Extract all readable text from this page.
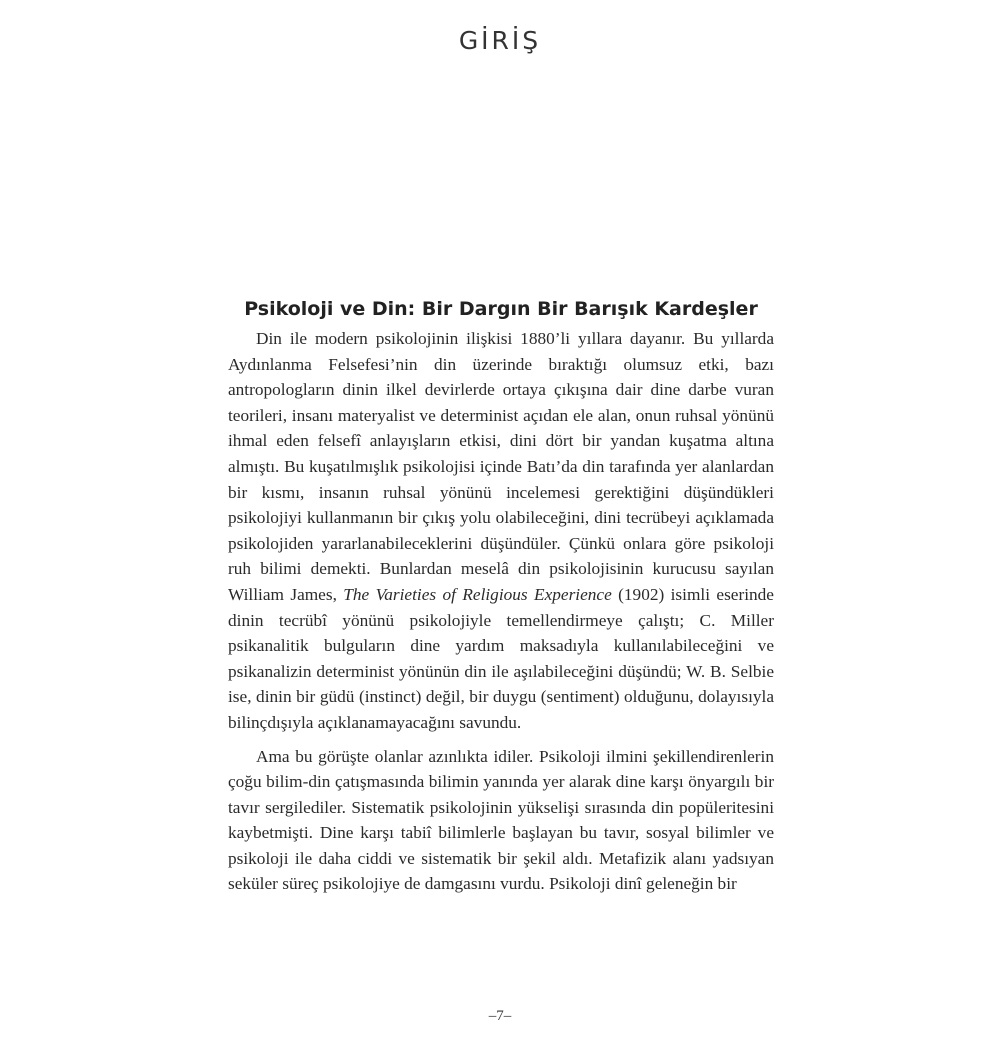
GİRİŞ
Psikoloji ve Din: Bir Dargın Bir Barışık Kardeşler

Din ile modern psikolojinin ilişkisi 1880’li yıllara dayanır. Bu yıllarda Aydınlanma Felsefesi’nin din üzerinde bıraktığı olumsuz etki, bazı antropologların dinin ilkel devirlerde ortaya çıkışına dair dine darbe vuran teorileri, insanı materyalist ve determinist açıdan ele alan, onun ruhsal yönünü ihmal eden felsefî anlayışların etkisi, dini dört bir yandan kuşatma altına almıştı. Bu kuşatılmışlık psikolojisi içinde Batı’da din tarafında yer alanlardan bir kısmı, insanın ruhsal yönünü incelemesi gerektiğini düşündükleri psikolojiyi kullanmanın bir çıkış yolu olabileceğini, dini tecrübeyi açıklamada psikolojiden yararlanabileceklerini düşündüler. Çünkü onlara göre psikoloji ruh bilimi demekti. Bunlardan meselâ din psikolojisinin kurucusu sayılan William James, The Varieties of Religious Experience (1902) isimli eserinde dinin tecrübî yönünü psikolojiyle temellendirmeye çalıştı; C. Miller psikanalitik bulguların dine yardım maksadıyla kullanılabileceğini ve psikanalizin determinist yönünün din ile aşılabileceğini düşündü; W. B. Selbie ise, dinin bir güdü (instinct) değil, bir duygu (sentiment) olduğunu, dolayısıyla bilinçdışıyla açıklanamayacağını savundu.

Ama bu görüşte olanlar azınlıkta idiler. Psikoloji ilmini şekillendirenlerin çoğu bilim-din çatışmasında bilimin yanında yer alarak dine karşı önyargılı bir tavır sergilediler. Sistematik psikolojinin yükselişi sırasında din popüleritesini kaybetmişti. Dine karşı tabiî bilimlerle başlayan bu tavır, sosyal bilimler ve psikoloji ile daha ciddi ve sistematik bir şekil aldı. Metafizik alanı yadsıyan seküler süreç psikolojiye de damgasını vurdu. Psikoloji dinî geleneğin bir

–7–
